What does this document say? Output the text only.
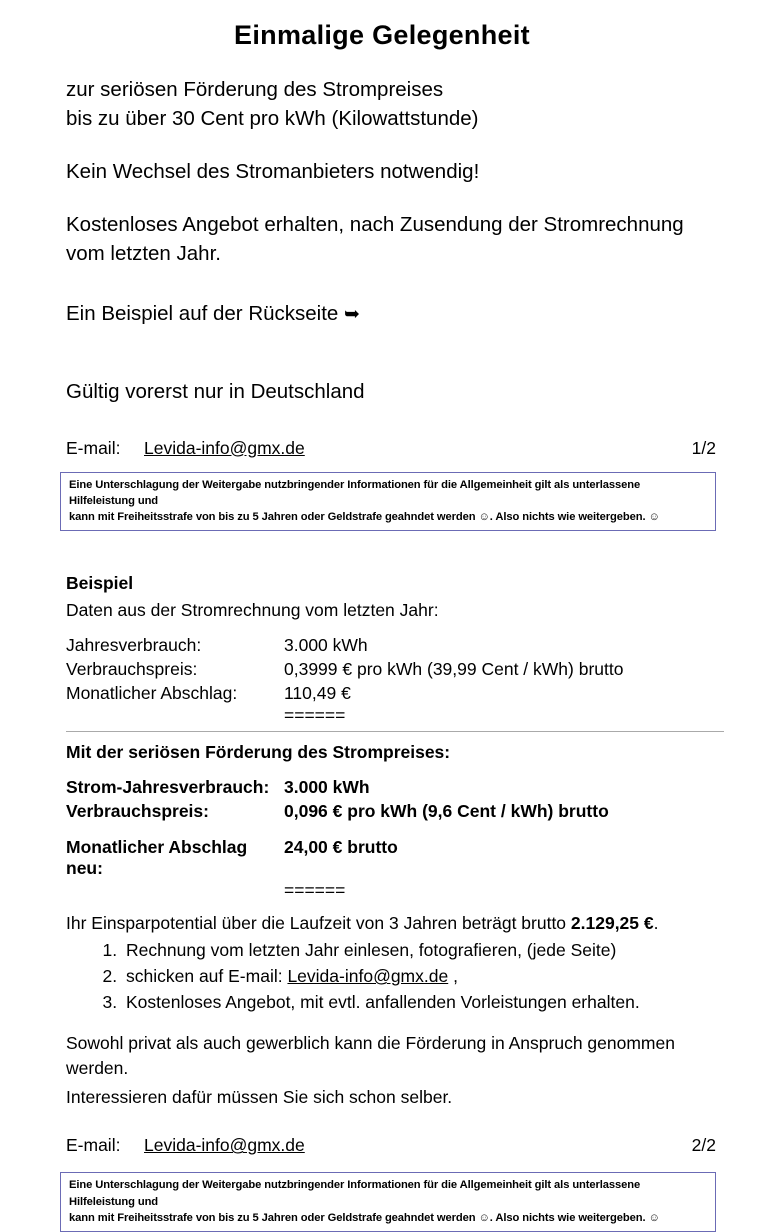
Einmalige Gelegenheit
zur seriösen Förderung des Strompreises
bis zu über 30 Cent pro kWh (Kilowattstunde)
Kein Wechsel des Stromanbieters notwendig!
Kostenloses Angebot erhalten, nach Zusendung der Stromrechnung vom letzten Jahr.
Ein Beispiel auf der Rückseite ➥
Gültig vorerst nur in Deutschland
E-mail:	Levida-info@gmx.de	1/2
Eine Unterschlagung der Weitergabe nutzbringender Informationen für die Allgemeinheit gilt als unterlassene Hilfeleistung und
kann mit Freiheitsstrafe von bis zu 5 Jahren oder Geldstrafe geahndet werden ☺. Also nichts wie weitergeben. ☺
Beispiel
Daten aus der Stromrechnung vom letzten Jahr:
Jahresverbrauch:	3.000 kWh
Verbrauchspreis:	0,3999 € pro kWh (39,99 Cent / kWh) brutto
Monatlicher Abschlag:	110,49 €
======
Mit der seriösen Förderung des Strompreises:
Strom-Jahresverbrauch:	3.000 kWh
Verbrauchspreis:	0,096 € pro kWh (9,6 Cent / kWh) brutto
Monatlicher Abschlag neu:	24,00 € brutto
======
Ihr Einsparpotential über die Laufzeit von 3 Jahren beträgt brutto 2.129,25 €.
1. Rechnung vom letzten Jahr einlesen, fotografieren, (jede Seite)
2. schicken auf E-mail: Levida-info@gmx.de ,
3. Kostenloses Angebot, mit evtl. anfallenden Vorleistungen erhalten.
Sowohl privat als auch gewerblich kann die Förderung in Anspruch genommen werden.
Interessieren dafür müssen Sie sich schon selber.
E-mail:	Levida-info@gmx.de	2/2
Eine Unterschlagung der Weitergabe nutzbringender Informationen für die Allgemeinheit gilt als unterlassene Hilfeleistung und
kann mit Freiheitsstrafe von bis zu 5 Jahren oder Geldstrafe geahndet werden ☺. Also nichts wie weitergeben. ☺
